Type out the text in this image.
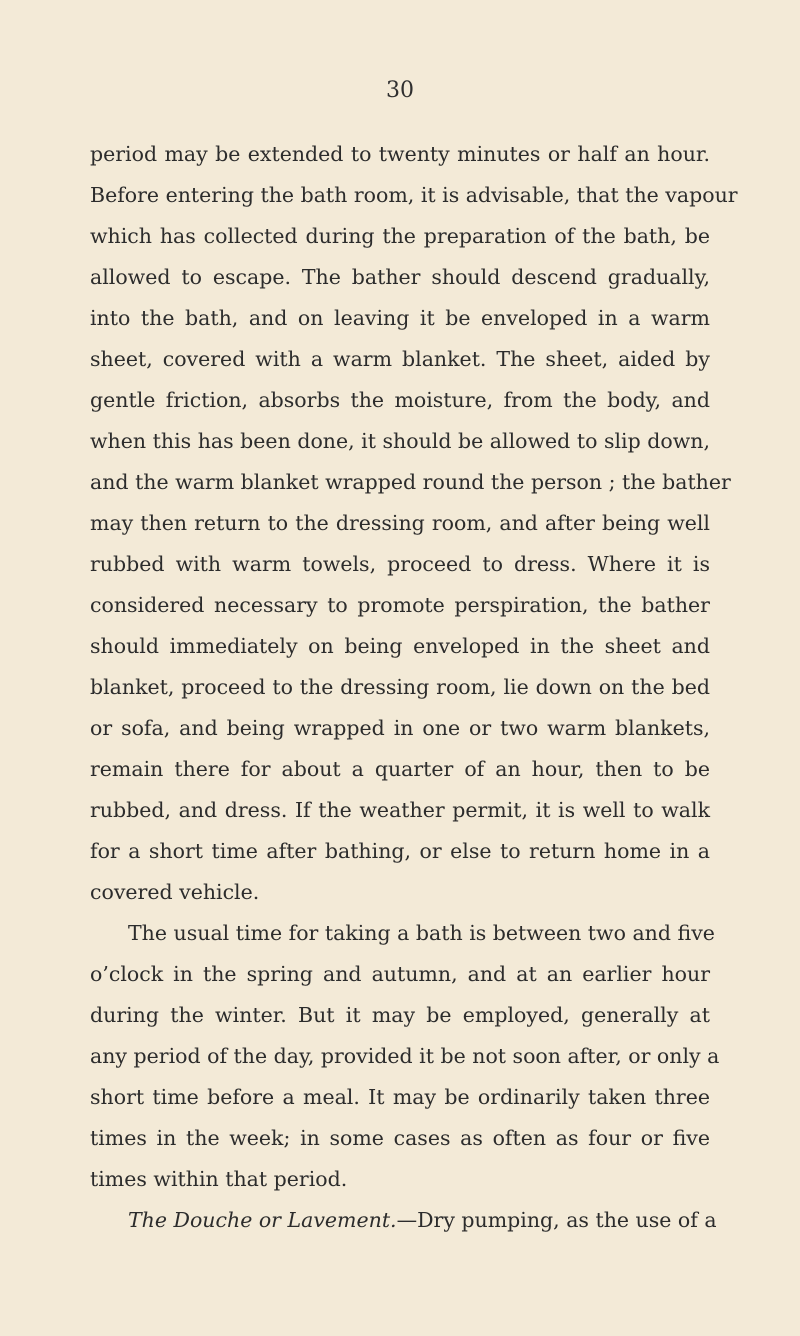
30
period may be extended to twenty minutes or half an hour.
Before entering the bath room, it is advisable, that the vapour
which has collected during the preparation of the bath, be
allowed to escape. The bather should descend gradually,
into the bath, and on leaving it be enveloped in a warm
sheet, covered with a warm blanket. The sheet, aided by
gentle friction, absorbs the moisture, from the body, and
when this has been done, it should be allowed to slip down,
and the warm blanket wrapped round the person ; the bather
may then return to the dressing room, and after being well
rubbed with warm towels, proceed to dress. Where it is
considered necessary to promote perspiration, the bather
should immediately on being enveloped in the sheet and
blanket, proceed to the dressing room, lie down on the bed
or sofa, and being wrapped in one or two warm blankets,
remain there for about a quarter of an hour, then to be
rubbed, and dress. If the weather permit, it is well to walk
for a short time after bathing, or else to return home in a
covered vehicle.
The usual time for taking a bath is between two and five
o’clock in the spring and autumn, and at an earlier hour
during the winter. But it may be employed, generally at
any period of the day, provided it be not soon after, or only a
short time before a meal. It may be ordinarily taken three
times in the week; in some cases as often as four or five
times within that period.
The Douche or Lavement.—Dry pumping, as the use of a
